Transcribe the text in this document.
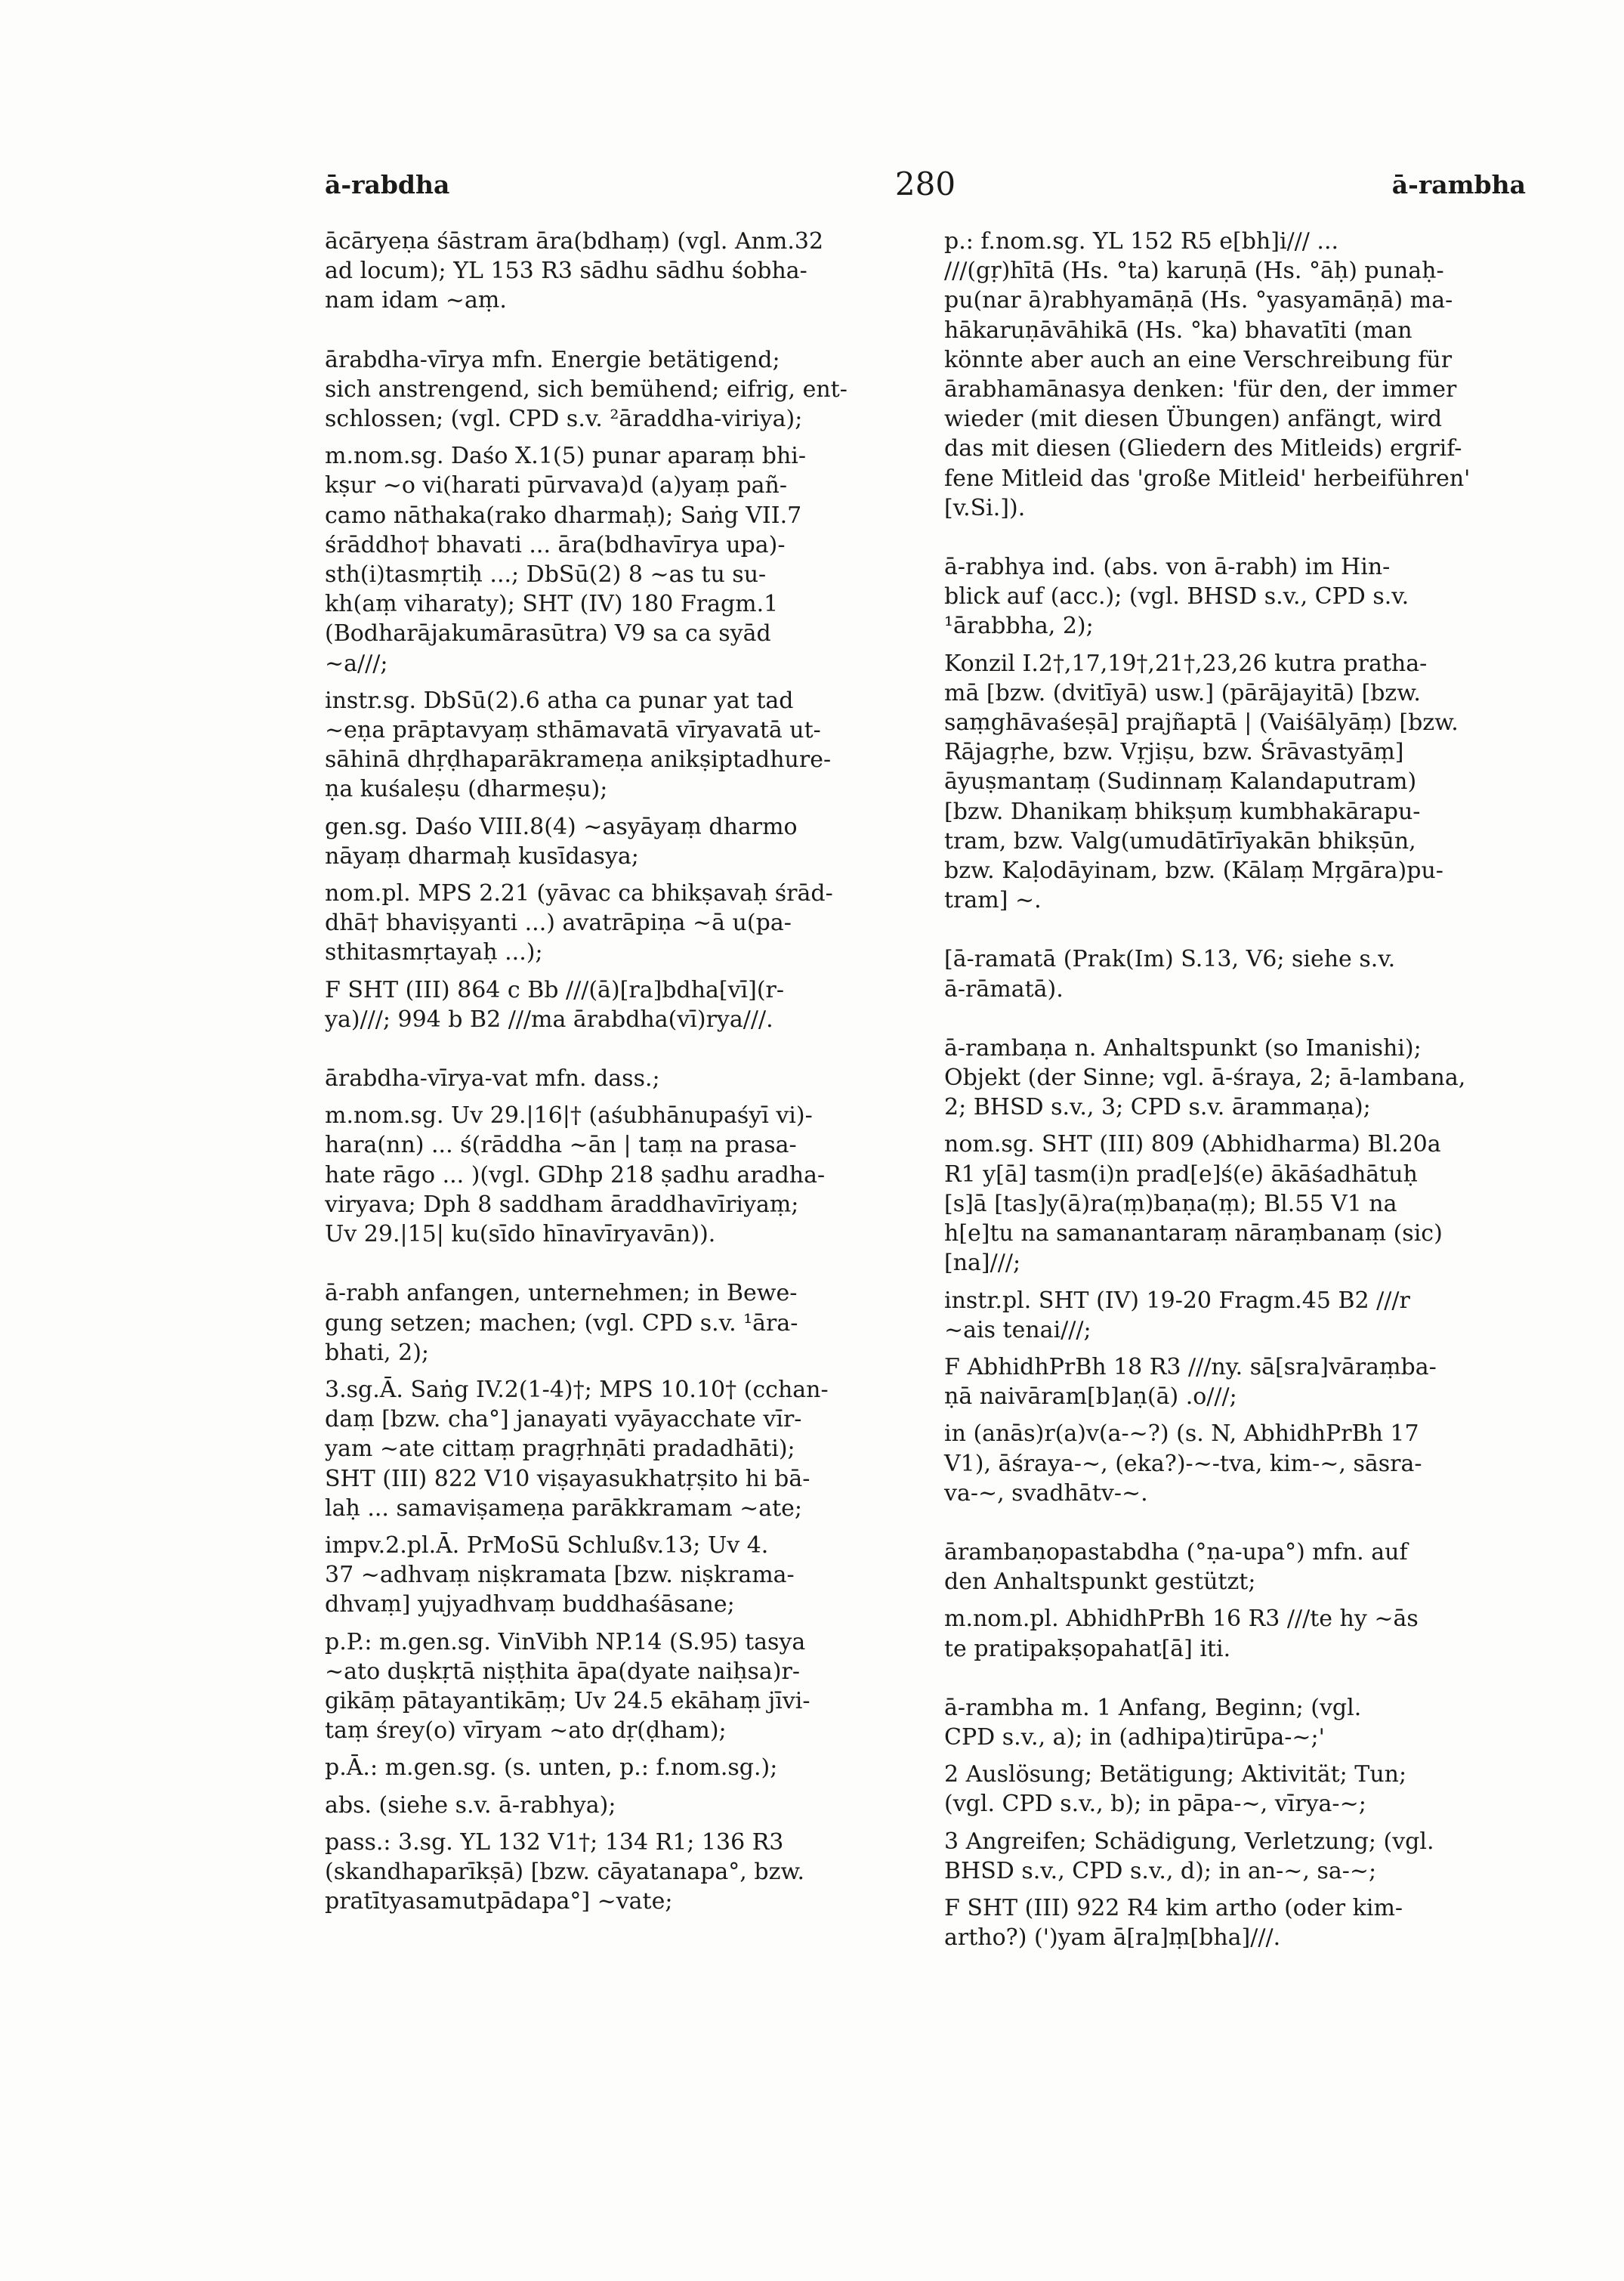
ā-rabdha	280	ā-rambha
ācāryeṇa śāstram āra(bdhaṃ) (vgl. Anm.32
ad locum); YL 153 R3 sādhu sādhu śobha-
nam idam ~aṃ.
ārabdha-vīrya mfn. Energie betätigend;
sich anstrengend, sich bemühend; eifrig, ent-
schlossen; (vgl. CPD s.v. ²āraddha-viriya);
m.nom.sg. Daśo X.1(5) punar aparaṃ bhi-
kṣur ~o vi(harati pūrvava)d (a)yaṃ pañ-
camo nāthaka(rako dharmaḥ); Saṅg VII.7
śrāddho† bhavati ... āra(bdhavīrya upa)-
sth(i)tasmṛtiḥ ...; DbSū(2) 8 ~as tu su-
kh(aṃ viharaty); SHT (IV) 180 Fragm.1
(Bodharājakumārasūtra) V9 sa ca syād
~a///;
instr.sg. DbSū(2).6 atha ca punar yat tad
~eṇa prāptavyaṃ sthāmavatā vīryavatā ut-
sāhinā dhṛḍhaparākrameṇa anikṣiptadhure-
ṇa kuśaleṣu (dharmeṣu);
gen.sg. Daśo VIII.8(4) ~asyāyaṃ dharmo
nāyaṃ dharmaḥ kusīdasya;
nom.pl. MPS 2.21 (yāvac ca bhikṣavaḥ śrād-
dhā† bhaviṣyanti ...) avatrāpiṇa ~ā u(pa-
sthitasmṛtayaḥ ...);
F SHT (III) 864 c Bb ///(ā)[ra]bdha[vī](r-
ya)///; 994 b B2 ///ma ārabdha(vī)rya///.
ārabdha-vīrya-vat mfn. dass.;
m.nom.sg. Uv 29.|16|† (aśubhānupaśyī vi)-
hara(nn) ... ś(rāddha ~ān | taṃ na prasa-
hate rāgo ... )(vgl. GDhp 218 ṣadhu aradha-
viryava; Dph 8 saddham āraddhavīriyaṃ;
Uv 29.|15| ku(sīdo hīnavīryavān)).
ā-rabh anfangen, unternehmen; in Bewe-
gung setzen; machen; (vgl. CPD s.v. ¹āra-
bhati, 2);
3.sg.Ā. Saṅg IV.2(1-4)†; MPS 10.10† (cchan-
daṃ [bzw. cha°] janayati vyāyacchate vīr-
yam ~ate cittaṃ pragṛhṇāti pradadhāti);
SHT (III) 822 V10 viṣayasukhatṛṣito hi bā-
laḥ ... samaviṣameṇa parākkramam ~ate;
impv.2.pl.Ā. PrMoSū Schlußv.13; Uv 4.
37 ~adhvaṃ niṣkramata [bzw. niṣkrama-
dhvaṃ] yujyadhvaṃ buddhaśāsane;
p.P.: m.gen.sg. VinVibh NP.14 (S.95) tasya
~ato duṣkṛtā niṣṭhita āpa(dyate naiḥsa)r-
gikāṃ pātayantikāṃ; Uv 24.5 ekāhaṃ jīvi-
taṃ śrey(o) vīryam ~ato dṛ(ḍham);
p.Ā.: m.gen.sg. (s. unten, p.: f.nom.sg.);
abs. (siehe s.v. ā-rabhya);
pass.: 3.sg. YL 132 V1†; 134 R1; 136 R3
(skandhaparīkṣā) [bzw. cāyatanapa°, bzw.
pratītyasamutpādapa°] ~vate;
p.: f.nom.sg. YL 152 R5 e[bh]i/// ...
///(gṛ)hītā (Hs. °ta) karuṇā (Hs. °āḥ) punaḥ-
pu(nar ā)rabhyamāṇā (Hs. °yasyamāṇā) ma-
hākaruṇāvāhikā (Hs. °ka) bhavatīti (man
könnte aber auch an eine Verschreibung für
ārabhamānasya denken: 'für den, der immer
wieder (mit diesen Übungen) anfängt, wird
das mit diesen (Gliedern des Mitleids) ergrif-
fene Mitleid das 'große Mitleid' herbeiführen'
[v.Si.]).
ā-rabhya ind. (abs. von ā-rabh) im Hin-
blick auf (acc.); (vgl. BHSD s.v., CPD s.v.
¹ārabbha, 2);
Konzil I.2†,17,19†,21†,23,26 kutra pratha-
mā [bzw. (dvitīyā) usw.] (pārājayitā) [bzw.
saṃghāvaśeṣā] prajñaptā | (Vaiśālyāṃ) [bzw.
Rājagṛhe, bzw. Vṛjiṣu, bzw. Śrāvastyāṃ]
āyuṣmantaṃ (Sudinnaṃ Kalandaputram)
[bzw. Dhanikaṃ bhikṣuṃ kumbhakārapu-
tram, bzw. Valg(umudātīrīyakān bhikṣūn,
bzw. Kaḷodāyinam, bzw. (Kālaṃ Mṛgāra)pu-
tram] ~.
[ā-ramatā (Prak(Im) S.13, V6; siehe s.v.
ā-rāmatā).
ā-rambaṇa n. Anhaltspunkt (so Imanishi);
Objekt (der Sinne; vgl. ā-śraya, 2; ā-lambana,
2; BHSD s.v., 3; CPD s.v. ārammaṇa);
nom.sg. SHT (III) 809 (Abhidharma) Bl.20a
R1 y[ā] tasm(i)n prad[e]ś(e) ākāśadhātuḥ
[s]ā [tas]y(ā)ra(ṃ)baṇa(ṃ); Bl.55 V1 na
h[e]tu na samanantaraṃ nāraṃbanaṃ (sic)
[na]///;
instr.pl. SHT (IV) 19-20 Fragm.45 B2 ///r
~ais tenai///;
F AbhidhPrBh 18 R3 ///ny. sā[sra]vāraṃba-
ṇā naivāram[b]aṇ(ā) .o///;
in (anās)r(a)v(a-~?) (s. N, AbhidhPrBh 17
V1), āśraya-~, (eka?)-~-tva, kim-~, sāsra-
va-~, svadhātv-~.
ārambaṇopastabdha (°ṇa-upa°) mfn. auf
den Anhaltspunkt gestützt;
m.nom.pl. AbhidhPrBh 16 R3 ///te hy ~ās
te pratipakṣopahat[ā] iti.
ā-rambha m. 1 Anfang, Beginn; (vgl.
CPD s.v., a); in (adhipa)tirūpa-~;'
2 Auslösung; Betätigung; Aktivität; Tun;
(vgl. CPD s.v., b); in pāpa-~, vīrya-~;
3 Angreifen; Schädigung, Verletzung; (vgl.
BHSD s.v., CPD s.v., d); in an-~, sa-~;
F SHT (III) 922 R4 kim artho (oder kim-
artho?) (')yam ā[ra]ṃ[bha]///.
